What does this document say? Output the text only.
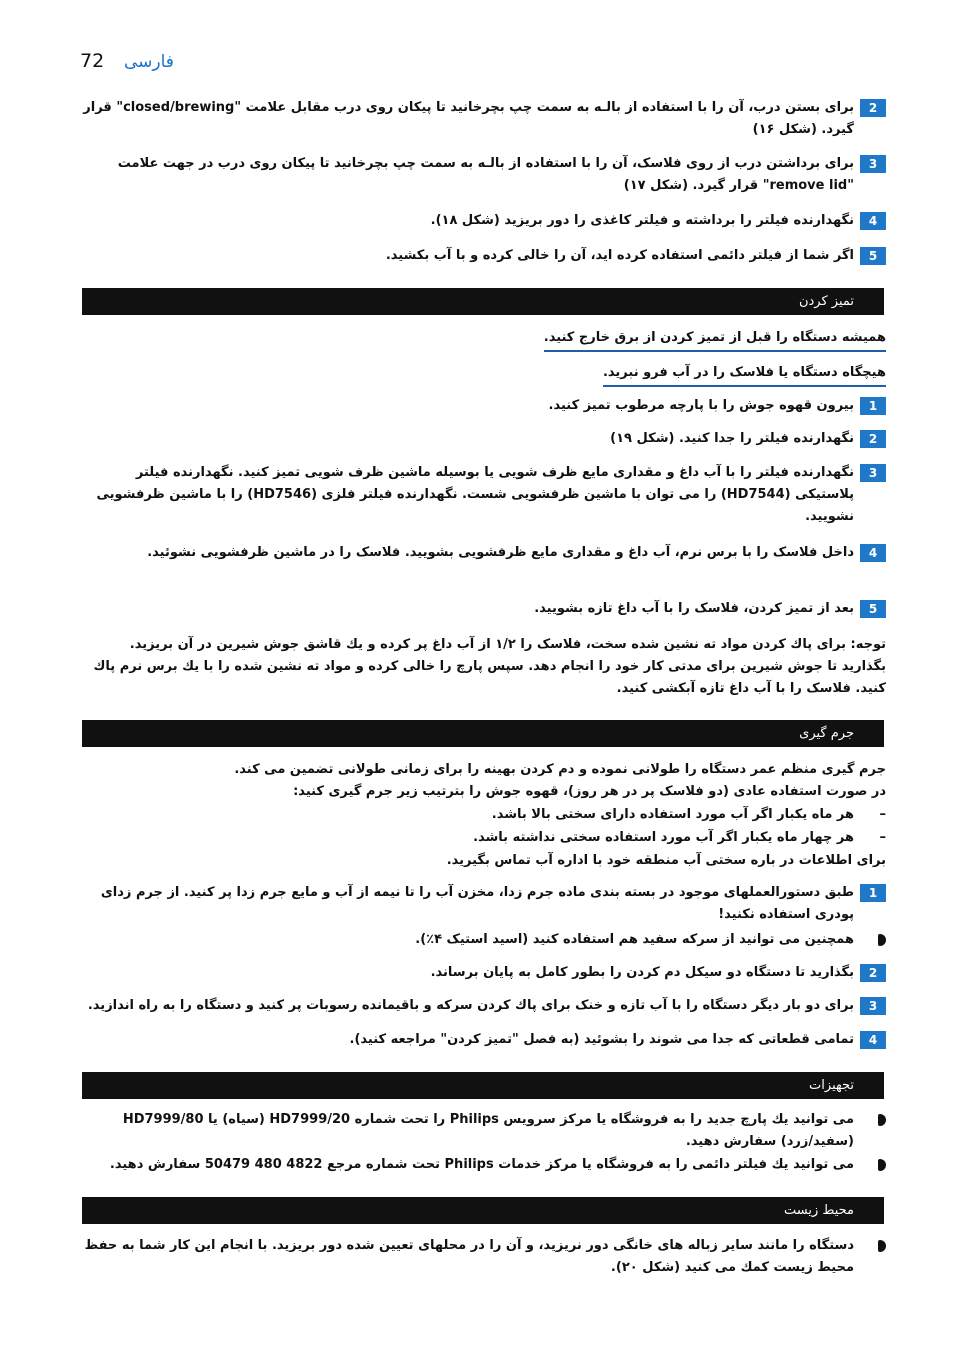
72 فارسی
2
برای بستن درب، آن را با استفاده از بالـه به سمت چپ بچرخانید تا پیکان روی درب مقابل علامت "closed/brewing" قرار گیرد. (شکل ۱۶)
3
برای برداشتن درب از روی فلاسک، آن را با استفاده از بالـه به سمت چپ بچرخانید تا پیکان روی درب در جهت علامت "remove lid" قرار گیرد. (شکل ۱۷)
4
نگهدارنده فیلتر را برداشته و فیلتر کاغذی را دور بریزید (شکل ۱۸).
5
اگر شما از فیلتر دائمی استفاده کرده اید، آن را خالی کرده و با آب بکشید.
تمیز کردن
همیشه دستگاه را قبل از تمیز کردن از برق خارج کنید.
هیچگاه دستگاه یا فلاسک را در آب فرو نبرید.
1
بیرون قهوه جوش را با پارچه مرطوب تمیز کنید.
2
نگهدارنده فیلتر را جدا کنید. (شکل ۱۹)
3
نگهدارنده فیلتر را با آب داغ و مقداری مایع ظرف شویی یا بوسیله ماشین ظرف شویی تمیز کنید. نگهدارنده فیلتر پلاستیکی (HD7544) را می توان با ماشین ظرفشویی شست. نگهدارنده فیلتر فلزی (HD7546) را با ماشین ظرفشویی نشویید.
4
داخل فلاسک را با برس نرم، آب داغ و مقداری مایع ظرفشویی بشویید. فلاسک را در ماشین ظرفشویی نشوئید.
5
بعد از تمیز کردن، فلاسک را با آب داغ تازه بشویید.
توجه: برای پاك كردن مواد ته نشین شده سخت، فلاسک را ۱/۲ از آب داغ پر کرده و یك قاشق جوش شیرین در آن بریزید. بگذارید تا جوش شیرین برای مدتی کار خود را انجام دهد. سپس پارچ را خالی کرده و مواد ته نشین شده را با یك برس نرم پاك کنید. فلاسک را با آب داغ تازه آبکشی کنید.
جرم گیری
جرم گیری منظم عمر دستگاه را طولانی نموده و دم کردن بهینه را برای زمانی طولانی تضمین می کند.
در صورت استفاده عادی (دو فلاسک پر در هر روز)، قهوه جوش را بترتیب زیر جرم گیری کنید:
–
هر ماه یکبار اگر آب مورد استفاده دارای سختی بالا باشد.
–
هر چهار ماه یکبار اگر آب مورد استفاده سختی نداشته باشد.
برای اطلاعات در باره سختی آب منطقه خود با اداره آب تماس بگیرید.
1
طبق دستورالعملهای موجود در بسته بندی ماده جرم زدا، مخزن آب را تا نیمه از آب و مایع جرم زدا پر کنید. از جرم زدای پودری استفاده نکنید!
همچنین می توانید از سرکه سفید هم استفاده کنید (اسید استیک ۴٪).
2
بگذارید تا دستگاه دو سیکل دم کردن را بطور کامل به پایان برساند.
3
برای دو بار دیگر دستگاه را با آب تازه و خنک برای پاك كردن سرکه و باقیمانده رسوبات پر کنید و دستگاه را به راه اندازید.
4
تمامی قطعاتی که جدا می شوند را بشوئید (به فصل "تمیز کردن" مراجعه کنید).
تجهیزات
می توانید یك پارچ جدید را به فروشگاه یا مرکز سرویس Philips را تحت شماره HD7999/20 (سیاه) یا HD7999/80 (سفید/زرد) سفارش دهید.
می توانید یك فیلتر دائمی را به فروشگاه یا مرکز خدمات Philips تحت شماره مرجع 4822 480 50479 سفارش دهید.
محیط زیست
دستگاه را مانند سایر زباله های خانگی دور نریزید، و آن را در محلهای تعیین شده دور بریزید. با انجام این کار شما به حفظ محیط زیست کمك می کنید (شکل ۲۰).
